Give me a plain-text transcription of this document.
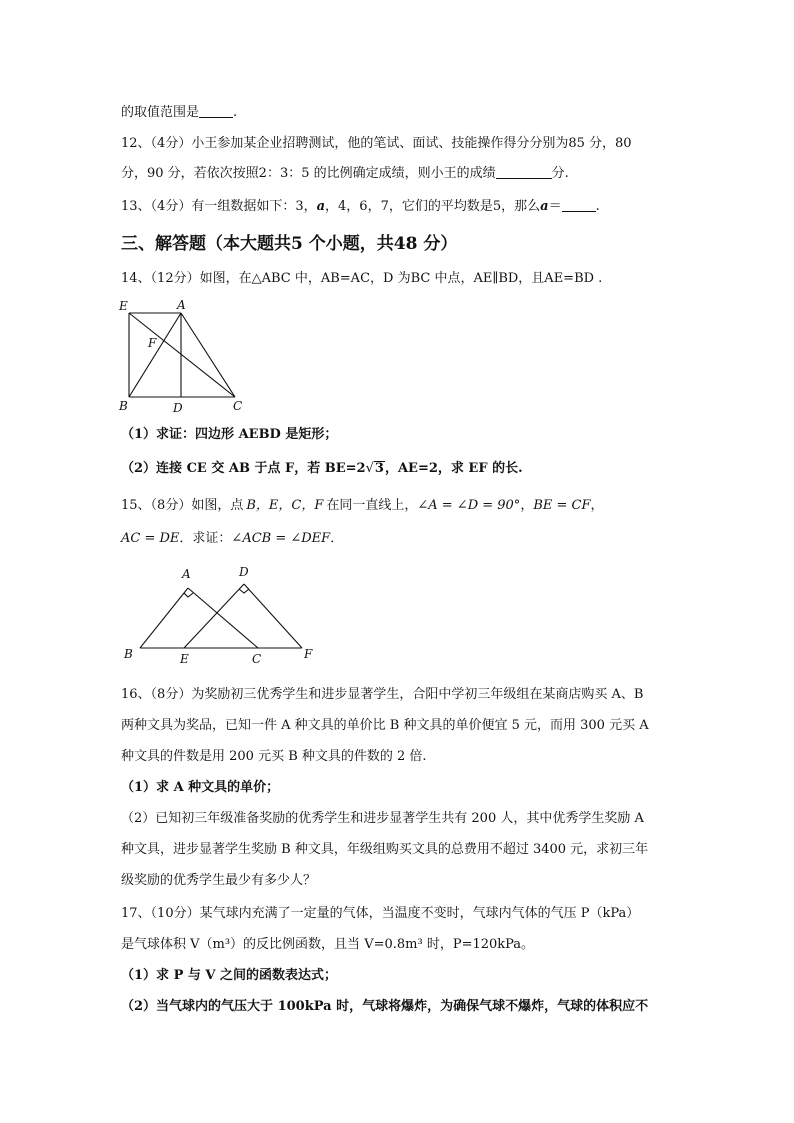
的取值范围是	.
12、（4分）小王参加某企业招聘测试，他的笔试、面试、技能操作得分分别为85 分，80
分，90 分，若依次按照2：3：5 的比例确定成绩，则小王的成绩	分.
13、（4分）有一组数据如下：3，a，4，6，7，它们的平均数是5，那么a＝	.
三、解答题（本大题共5 个小题，共48 分）
14、（12分）如图，在△ABC 中，AB=AC，D 为BC 中点，AE∥BD，且AE=BD .
E	A
F
B	D	C
（1）求证：四边形 AEBD 是矩形；
（2）连接 CE 交 AB 于点 F，若 BE=2√3，AE=2，求 EF 的长.
15、（8分）如图，点 B，E，C，F 在同一直线上，∠A = ∠D = 90°，BE = CF，
AC = DE．求证：∠ACB = ∠DEF．
A	D
B	E	C	F
16、（8分）为奖励初三优秀学生和进步显著学生，合阳中学初三年级组在某商店购买 A、B
两种文具为奖品，已知一件 A 种文具的单价比 B 种文具的单价便宜 5 元，而用 300 元买 A
种文具的件数是用 200 元买 B 种文具的件数的 2 倍.
（1）求 A 种文具的单价；
（2）已知初三年级准备奖励的优秀学生和进步显著学生共有 200 人，其中优秀学生奖励 A
种文具，进步显著学生奖励 B 种文具，年级组购买文具的总费用不超过 3400 元，求初三年
级奖励的优秀学生最少有多少人？
17、（10分）某气球内充满了一定量的气体，当温度不变时，气球内气体的气压 P（kPa）
是气球体积 V（m³）的反比例函数，且当 V=0.8m³ 时，P=120kPa。
（1）求 P 与 V 之间的函数表达式；
（2）当气球内的气压大于 100kPa 时，气球将爆炸，为确保气球不爆炸，气球的体积应不
